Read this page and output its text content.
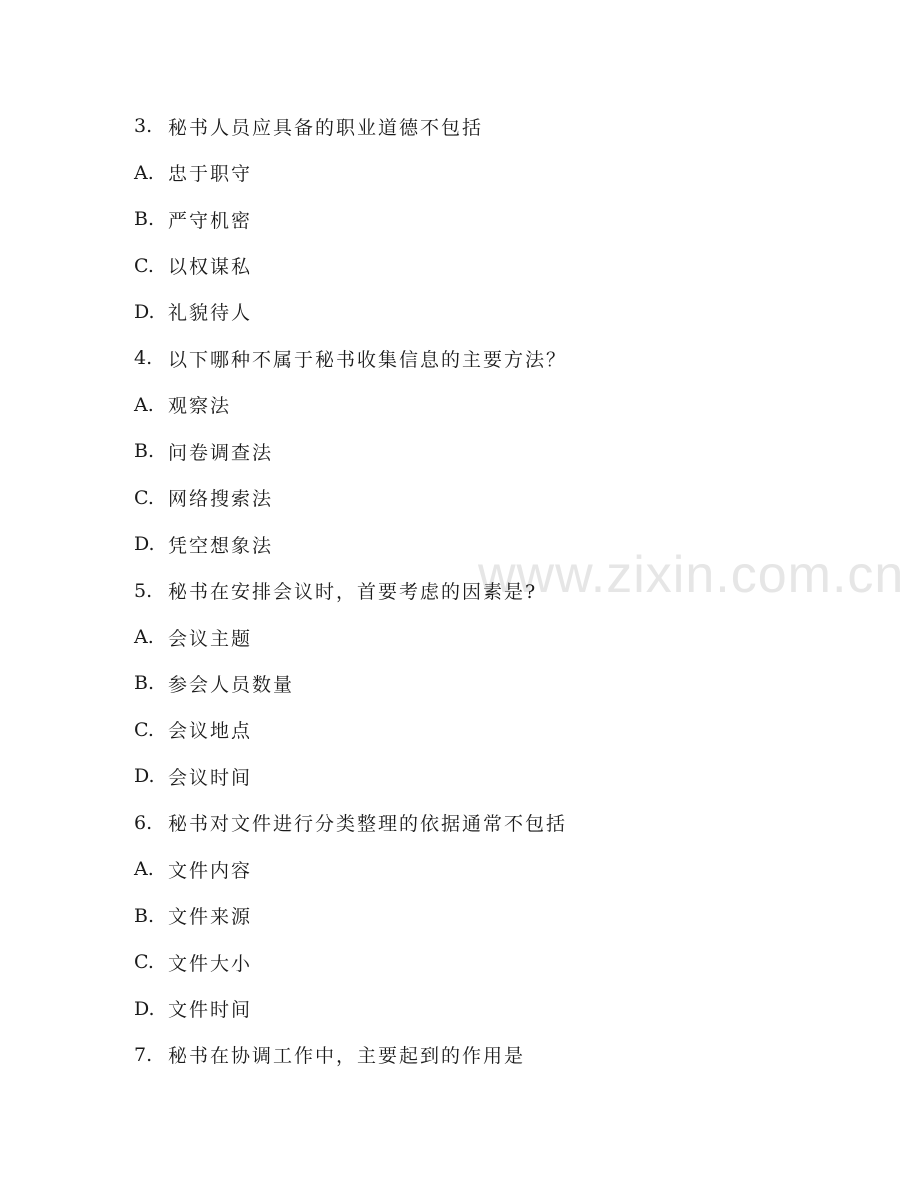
www.zixin.com.cn
3. 秘书人员应具备的职业道德不包括
A. 忠于职守
B. 严守机密
C. 以权谋私
D. 礼貌待人
4. 以下哪种不属于秘书收集信息的主要方法？
A. 观察法
B. 问卷调查法
C. 网络搜索法
D. 凭空想象法
5. 秘书在安排会议时，首要考虑的因素是?
A. 会议主题
B. 参会人员数量
C. 会议地点
D. 会议时间
6. 秘书对文件进行分类整理的依据通常不包括
A. 文件内容
B. 文件来源
C. 文件大小
D. 文件时间
7. 秘书在协调工作中，主要起到的作用是
